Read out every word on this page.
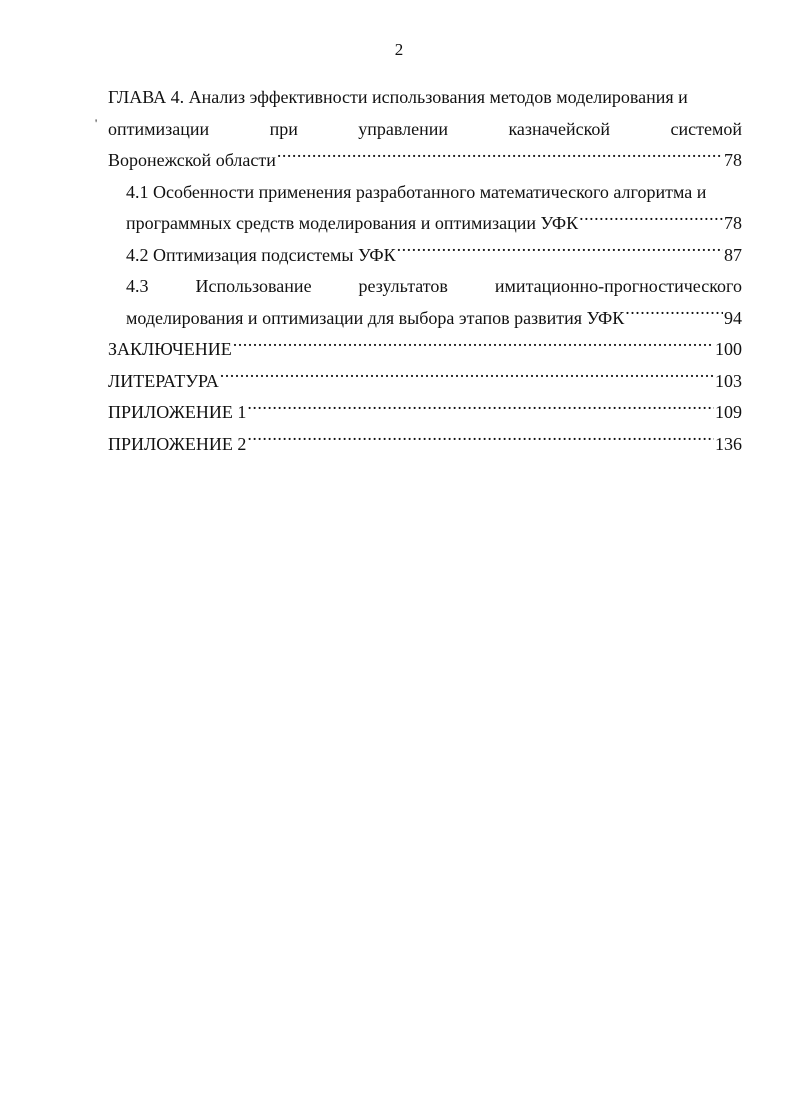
2
'
ГЛАВА 4. Анализ эффективности использования методов моделирования и
оптимизации	при	управлении	казначейской	системой
Воронежской области .....	78
4.1 Особенности применения разработанного математического алгоритма и
программных средств моделирования и оптимизации УФК .....	78
4.2 Оптимизация подсистемы УФК .....	87
4.3	Использование	результатов	имитационно-прогностического
моделирования и оптимизации для выбора этапов развития УФК .....	94
ЗАКЛЮЧЕНИЕ .....	100
ЛИТЕРАТУРА .....	103
ПРИЛОЖЕНИЕ 1 .....	109
ПРИЛОЖЕНИЕ 2 .....	136
